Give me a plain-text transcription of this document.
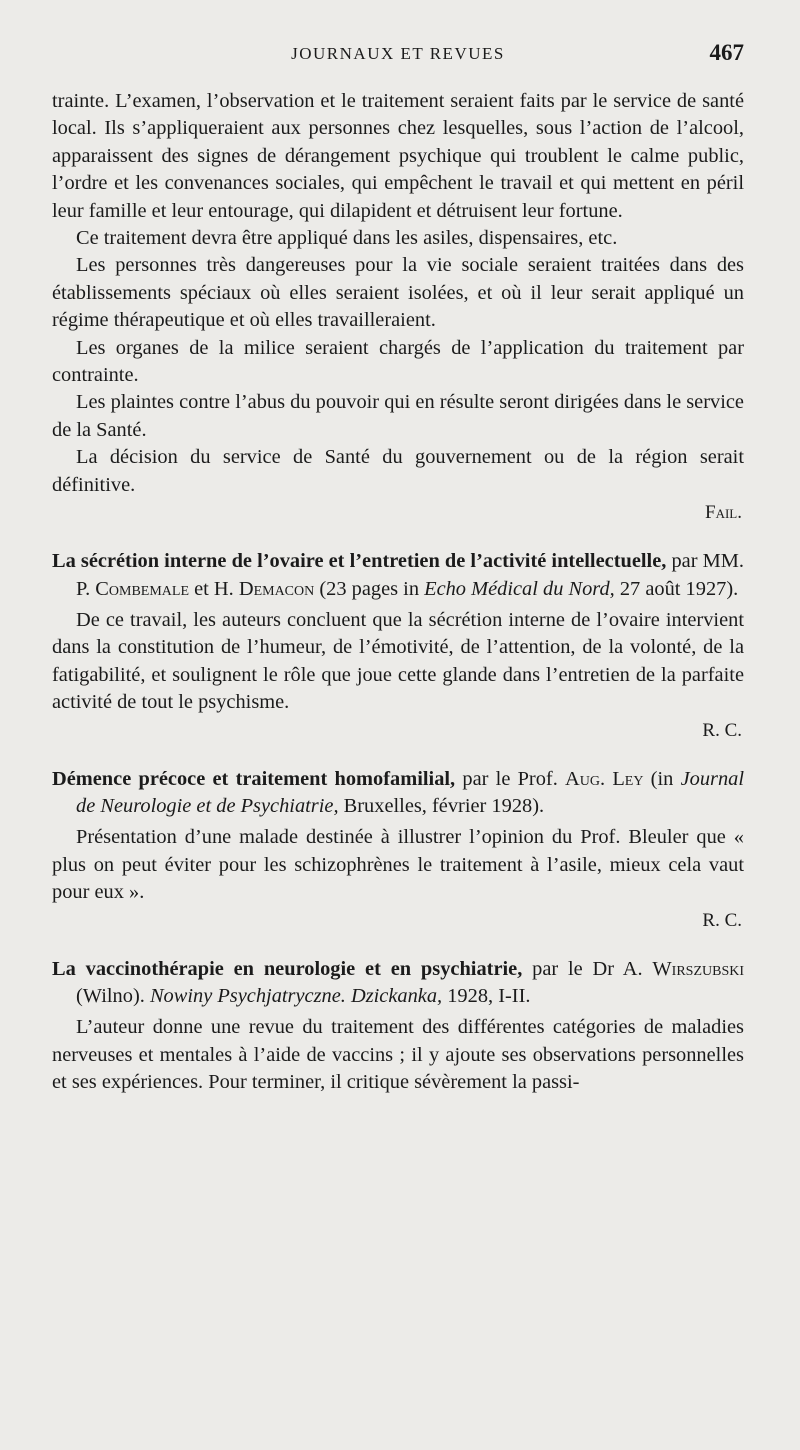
JOURNAUX ET REVUES	467

trainte. L’examen, l’observation et le traitement seraient faits par le service de santé local. Ils s’appliqueraient aux personnes chez lesquelles, sous l’action de l’alcool, apparaissent des signes de dérangement psychique qui troublent le calme public, l’ordre et les convenances sociales, qui empêchent le travail et qui mettent en péril leur famille et leur entourage, qui dilapident et détruisent leur fortune.

Ce traitement devra être appliqué dans les asiles, dispensaires, etc.

Les personnes très dangereuses pour la vie sociale seraient traitées dans des établissements spéciaux où elles seraient isolées, et où il leur serait appliqué un régime thérapeutique et où elles travailleraient.

Les organes de la milice seraient chargés de l’application du traitement par contrainte.

Les plaintes contre l’abus du pouvoir qui en résulte seront dirigées dans le service de la Santé.

La décision du service de Santé du gouvernement ou de la région serait définitive.

Fail.

La sécrétion interne de l’ovaire et l’entretien de l’activité intellectuelle, par MM. P. Combemale et H. Demacon (23 pages in Echo Médical du Nord, 27 août 1927).

De ce travail, les auteurs concluent que la sécrétion interne de l’ovaire intervient dans la constitution de l’humeur, de l’émotivité, de l’attention, de la volonté, de la fatigabilité, et soulignent le rôle que joue cette glande dans l’entretien de la parfaite activité de tout le psychisme.

R. C.

Démence précoce et traitement homofamilial, par le Prof. Aug. Ley (in Journal de Neurologie et de Psychiatrie, Bruxelles, février 1928).

Présentation d’une malade destinée à illustrer l’opinion du Prof. Bleuler que « plus on peut éviter pour les schizophrènes le traitement à l’asile, mieux cela vaut pour eux ».

R. C.

La vaccinothérapie en neurologie et en psychiatrie, par le Dr A. Wirszubski (Wilno). Nowiny Psychjatryczne. Dzickanka, 1928, I-II.

L’auteur donne une revue du traitement des différentes catégories de maladies nerveuses et mentales à l’aide de vaccins ; il y ajoute ses observations personnelles et ses expériences. Pour terminer, il critique sévèrement la passi-
